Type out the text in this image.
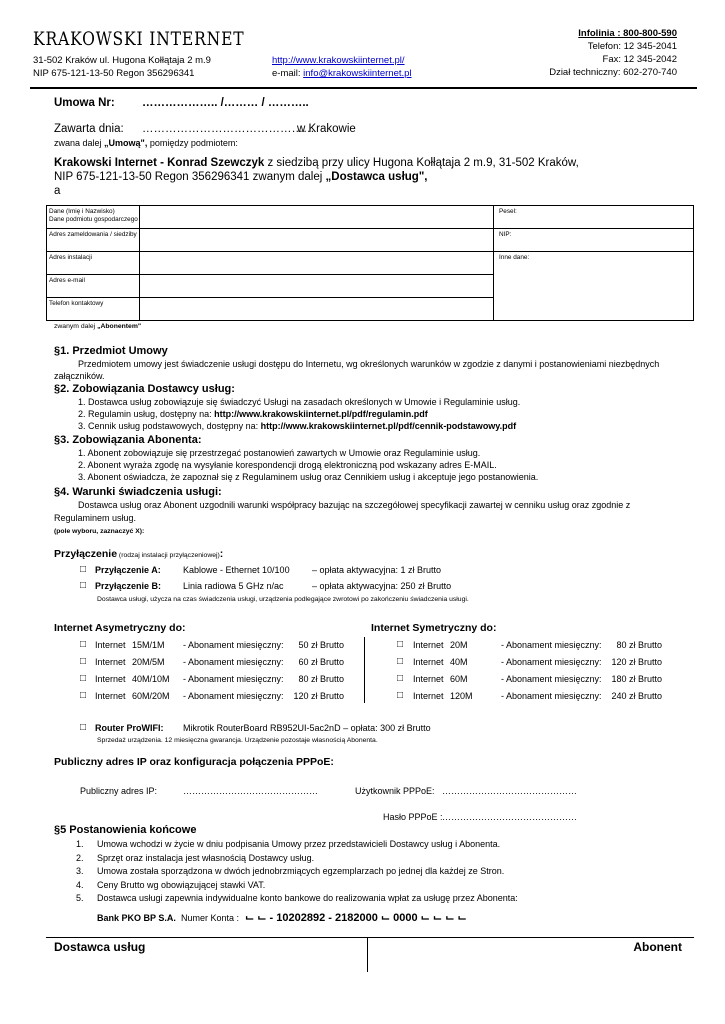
KRAKOWSKI INTERNET
31-502 Kraków ul. Hugona Kołłątaja 2 m.9
NIP 675-121-13-50 Regon 356296341
http://www.krakowskiinternet.pl/
e-mail: info@krakowskiinternet.pl
Infolinia : 800-800-590
Telefon: 12 345-2041
Fax: 12 345-2042
Dział techniczny: 602-270-740
Umowa Nr: ……………….. /……… / ………..
Zawarta dnia: ………………………………………
w Krakowie
zwana dalej „Umową", pomiędzy podmiotem:
Krakowski Internet - Konrad Szewczyk z siedzibą przy ulicy Hugona Kołłątaja 2 m.9, 31-502 Kraków,
NIP 675-121-13-50 Regon 356296341 zwanym dalej „Dostawca usług",
a
Dane (Imię i Nazwisko)
Dane podmiotu gospodarczego
Adres zameldowania / siedziby
Adres instalacji
Adres e-mail
Telefon kontaktowy
Pesel:
NIP:
Inne dane:
zwanym dalej „Abonentem"
§1. Przedmiot Umowy
Przedmiotem umowy jest świadczenie usługi dostępu do Internetu, wg określonych warunków w zgodzie z danymi i postanowieniami niezbędnych
załączników.
§2. Zobowiązania Dostawcy usług:
1. Dostawca usług zobowiązuje się świadczyć Usługi na zasadach określonych w Umowie i Regulaminie usług.
2. Regulamin usług, dostępny na: http://www.krakowskiinternet.pl/pdf/regulamin.pdf
3. Cennik usług podstawowych, dostępny na: http://www.krakowskiinternet.pl/pdf/cennik-podstawowy.pdf
§3. Zobowiązania Abonenta:
1. Abonent zobowiązuje się przestrzegać postanowień zawartych w Umowie oraz Regulaminie usług.
2. Abonent wyraża zgodę na wysyłanie korespondencji drogą elektroniczną pod wskazany adres E-MAIL.
3. Abonent oświadcza, że zapoznał się z Regulaminem usług oraz Cennikiem usług i akceptuje jego postanowienia.
§4. Warunki świadczenia usługi:
Dostawca usług oraz Abonent uzgodnili warunki współpracy bazując na szczegółowej specyfikacji zawartej w cenniku usług oraz zgodnie z
Regulaminem usług.
(pole wyboru, zaznaczyć X):
Przyłączenie (rodzaj instalacji przyłączeniowej):
□ Przyłączenie A: Kablowe - Ethernet 10/100 – opłata aktywacyjna: 1 zł Brutto
□ Przyłączenie B: Linia radiowa 5 GHz n/ac	– opłata aktywacyjna: 250 zł Brutto
Dostawca usługi, użycza na czas świadczenia usługi, urządzenia podlegające zwrotowi po zakończeniu świadczenia usługi.
Internet Asymetryczny do:	Internet Symetryczny do:
□ Internet 15M/1M - Abonament miesięczny:	50 zł Brutto
□ Internet 20M/5M - Abonament miesięczny:	60 zł Brutto
□ Internet 40M/10M - Abonament miesięczny:	80 zł Brutto
□ Internet 60M/20M - Abonament miesięczny:	120 zł Brutto
□ Internet 20M	- Abonament miesięczny:	80 zł Brutto
□ Internet 40M	- Abonament miesięczny:	120 zł Brutto
□ Internet 60M	- Abonament miesięczny:	180 zł Brutto
□ Internet 120M	- Abonament miesięczny:	240 zł Brutto
□ Router ProWIFI: Mikrotik RouterBoard RB952UI-5ac2nD – opłata: 300 zł Brutto
Sprzedaż urządzenia. 12 miesięczna gwarancja. Urządzenie pozostaje własnością Abonenta.
Publiczny adres IP oraz konfiguracja połączenia PPPoE:
Publiczny adres IP:	………………………………………	Użytkownik PPPoE: ………………………………………
Hasło PPPoE : ………………………………………
§5 Postanowienia końcowe
1. Umowa wchodzi w życie w dniu podpisania Umowy przez przedstawicieli Dostawcy usług i Abonenta.
2. Sprzęt oraz instalacja jest własnością Dostawcy usług.
3. Umowa została sporządzona w dwóch jednobrzmiących egzemplarzach po jednej dla każdej ze Stron.
4. Ceny Brutto wg obowiązującej stawki VAT.
5. Dostawca usługi zapewnia indywidualne konto bankowe do realizowania wpłat za usługę przez Abonenta:
Bank PKO BP S.A. Numer Konta : ⌙ ⌙ - 10202892 - 2182000 ⌙ 0000 ⌙ ⌙ ⌙ ⌙
Dostawca usług	Abonent
